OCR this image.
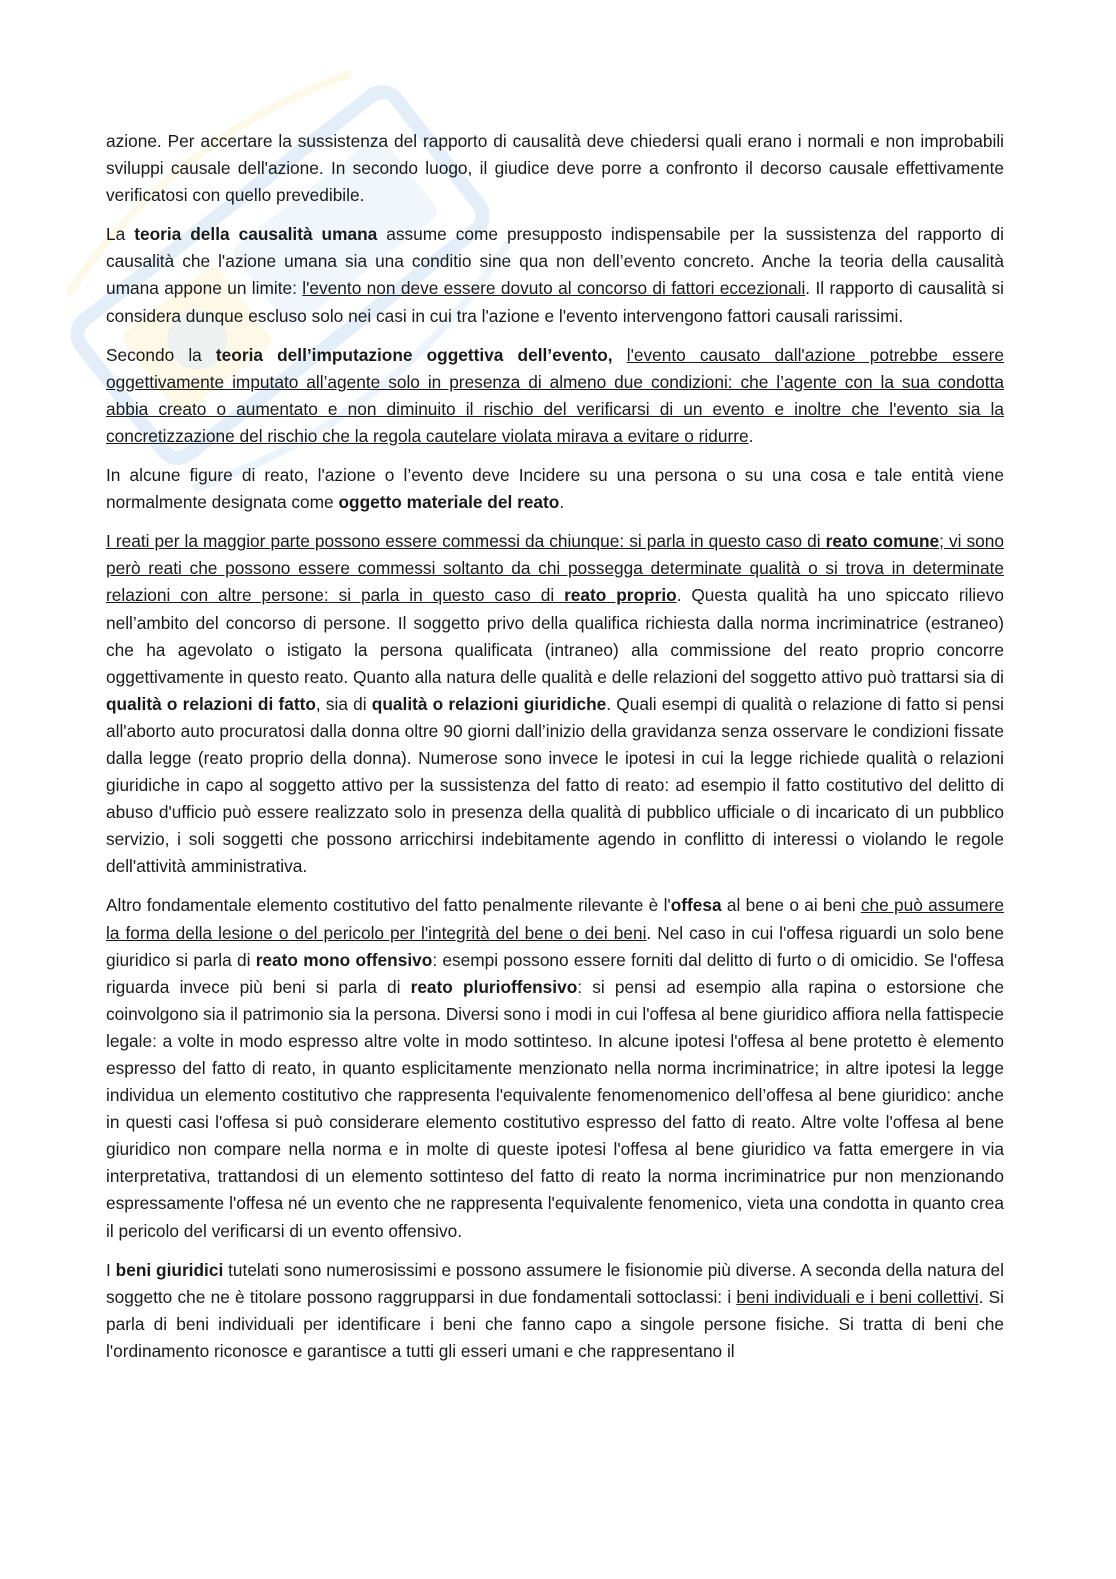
azione. Per accertare la sussistenza del rapporto di causalità deve chiedersi quali erano i normali e non improbabili sviluppi causale dell'azione. In secondo luogo, il giudice deve porre a confronto il decorso causale effettivamente verificatosi con quello prevedibile.

La teoria della causalità umana assume come presupposto indispensabile per la sussistenza del rapporto di causalità che l'azione umana sia una conditio sine qua non dell’evento concreto. Anche la teoria della causalità umana appone un limite: l'evento non deve essere dovuto al concorso di fattori eccezionali. Il rapporto di causalità si considera dunque escluso solo nei casi in cui tra l'azione e l'evento intervengono fattori causali rarissimi.

Secondo la teoria dell’imputazione oggettiva dell’evento, l'evento causato dall'azione potrebbe essere oggettivamente imputato all’agente solo in presenza di almeno due condizioni: che l’agente con la sua condotta abbia creato o aumentato e non diminuito il rischio del verificarsi di un evento e inoltre che l'evento sia la concretizzazione del rischio che la regola cautelare violata mirava a evitare o ridurre.

In alcune figure di reato, l'azione o l’evento deve Incidere su una persona o su una cosa e tale entità viene normalmente designata come oggetto materiale del reato.

I reati per la maggior parte possono essere commessi da chiunque: si parla in questo caso di reato comune; vi sono però reati che possono essere commessi soltanto da chi possegga determinate qualità o si trova in determinate relazioni con altre persone: si parla in questo caso di reato proprio. Questa qualità ha uno spiccato rilievo nell’ambito del concorso di persone. Il soggetto privo della qualifica richiesta dalla norma incriminatrice (estraneo) che ha agevolato o istigato la persona qualificata (intraneo) alla commissione del reato proprio concorre oggettivamente in questo reato. Quanto alla natura delle qualità e delle relazioni del soggetto attivo può trattarsi sia di qualità o relazioni di fatto, sia di qualità o relazioni giuridiche. Quali esempi di qualità o relazione di fatto si pensi all'aborto auto procuratosi dalla donna oltre 90 giorni dall’inizio della gravidanza senza osservare le condizioni fissate dalla legge (reato proprio della donna). Numerose sono invece le ipotesi in cui la legge richiede qualità o relazioni giuridiche in capo al soggetto attivo per la sussistenza del fatto di reato: ad esempio il fatto costitutivo del delitto di abuso d'ufficio può essere realizzato solo in presenza della qualità di pubblico ufficiale o di incaricato di un pubblico servizio, i soli soggetti che possono arricchirsi indebitamente agendo in conflitto di interessi o violando le regole dell'attività amministrativa.

Altro fondamentale elemento costitutivo del fatto penalmente rilevante è l'offesa al bene o ai beni che può assumere la forma della lesione o del pericolo per l'integrità del bene o dei beni. Nel caso in cui l'offesa riguardi un solo bene giuridico si parla di reato mono offensivo: esempi possono essere forniti dal delitto di furto o di omicidio. Se l'offesa riguarda invece più beni si parla di reato plurioffensivo: si pensi ad esempio alla rapina o estorsione che coinvolgono sia il patrimonio sia la persona. Diversi sono i modi in cui l'offesa al bene giuridico affiora nella fattispecie legale: a volte in modo espresso altre volte in modo sottinteso. In alcune ipotesi l'offesa al bene protetto è elemento espresso del fatto di reato, in quanto esplicitamente menzionato nella norma incriminatrice; in altre ipotesi la legge individua un elemento costitutivo che rappresenta l'equivalente fenomenomenico dell’offesa al bene giuridico: anche in questi casi l'offesa si può considerare elemento costitutivo espresso del fatto di reato. Altre volte l'offesa al bene giuridico non compare nella norma e in molte di queste ipotesi l'offesa al bene giuridico va fatta emergere in via interpretativa, trattandosi di un elemento sottinteso del fatto di reato la norma incriminatrice pur non menzionando espressamente l'offesa né un evento che ne rappresenta l'equivalente fenomenico, vieta una condotta in quanto crea il pericolo del verificarsi di un evento offensivo.

I beni giuridici tutelati sono numerosissimi e possono assumere le fisionomie più diverse. A seconda della natura del soggetto che ne è titolare possono raggrupparsi in due fondamentali sottoclassi: i beni individuali e i beni collettivi. Si parla di beni individuali per identificare i beni che fanno capo a singole persone fisiche. Si tratta di beni che l'ordinamento riconosce e garantisce a tutti gli esseri umani e che rappresentano il
